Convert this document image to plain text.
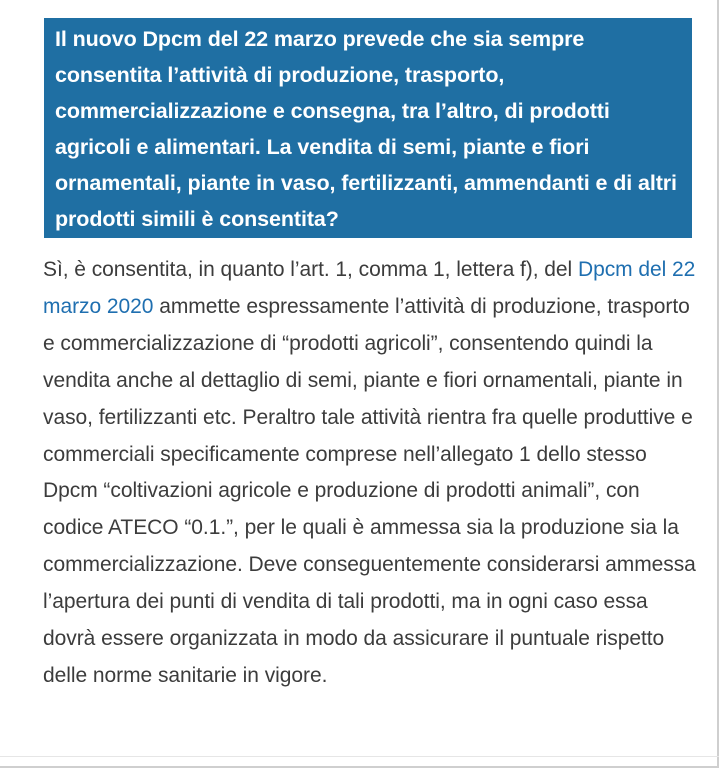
Il nuovo Dpcm del 22 marzo prevede che sia sempre consentita l’attività di produzione, trasporto, commercializzazione e consegna, tra l’altro, di prodotti agricoli e alimentari. La vendita di semi, piante e fiori ornamentali, piante in vaso, fertilizzanti, ammendanti e di altri prodotti simili è consentita?
Sì, è consentita, in quanto l’art. 1, comma 1, lettera f), del Dpcm del 22 marzo 2020 ammette espressamente l’attività di produzione, trasporto e commercializzazione di “prodotti agricoli”, consentendo quindi la vendita anche al dettaglio di semi, piante e fiori ornamentali, piante in vaso, fertilizzanti etc. Peraltro tale attività rientra fra quelle produttive e commerciali specificamente comprese nell’allegato 1 dello stesso Dpcm “coltivazioni agricole e produzione di prodotti animali”, con codice ATECO “0.1.”, per le quali è ammessa sia la produzione sia la commercializzazione. Deve conseguentemente considerarsi ammessa l’apertura dei punti di vendita di tali prodotti, ma in ogni caso essa dovrà essere organizzata in modo da assicurare il puntuale rispetto delle norme sanitarie in vigore.
